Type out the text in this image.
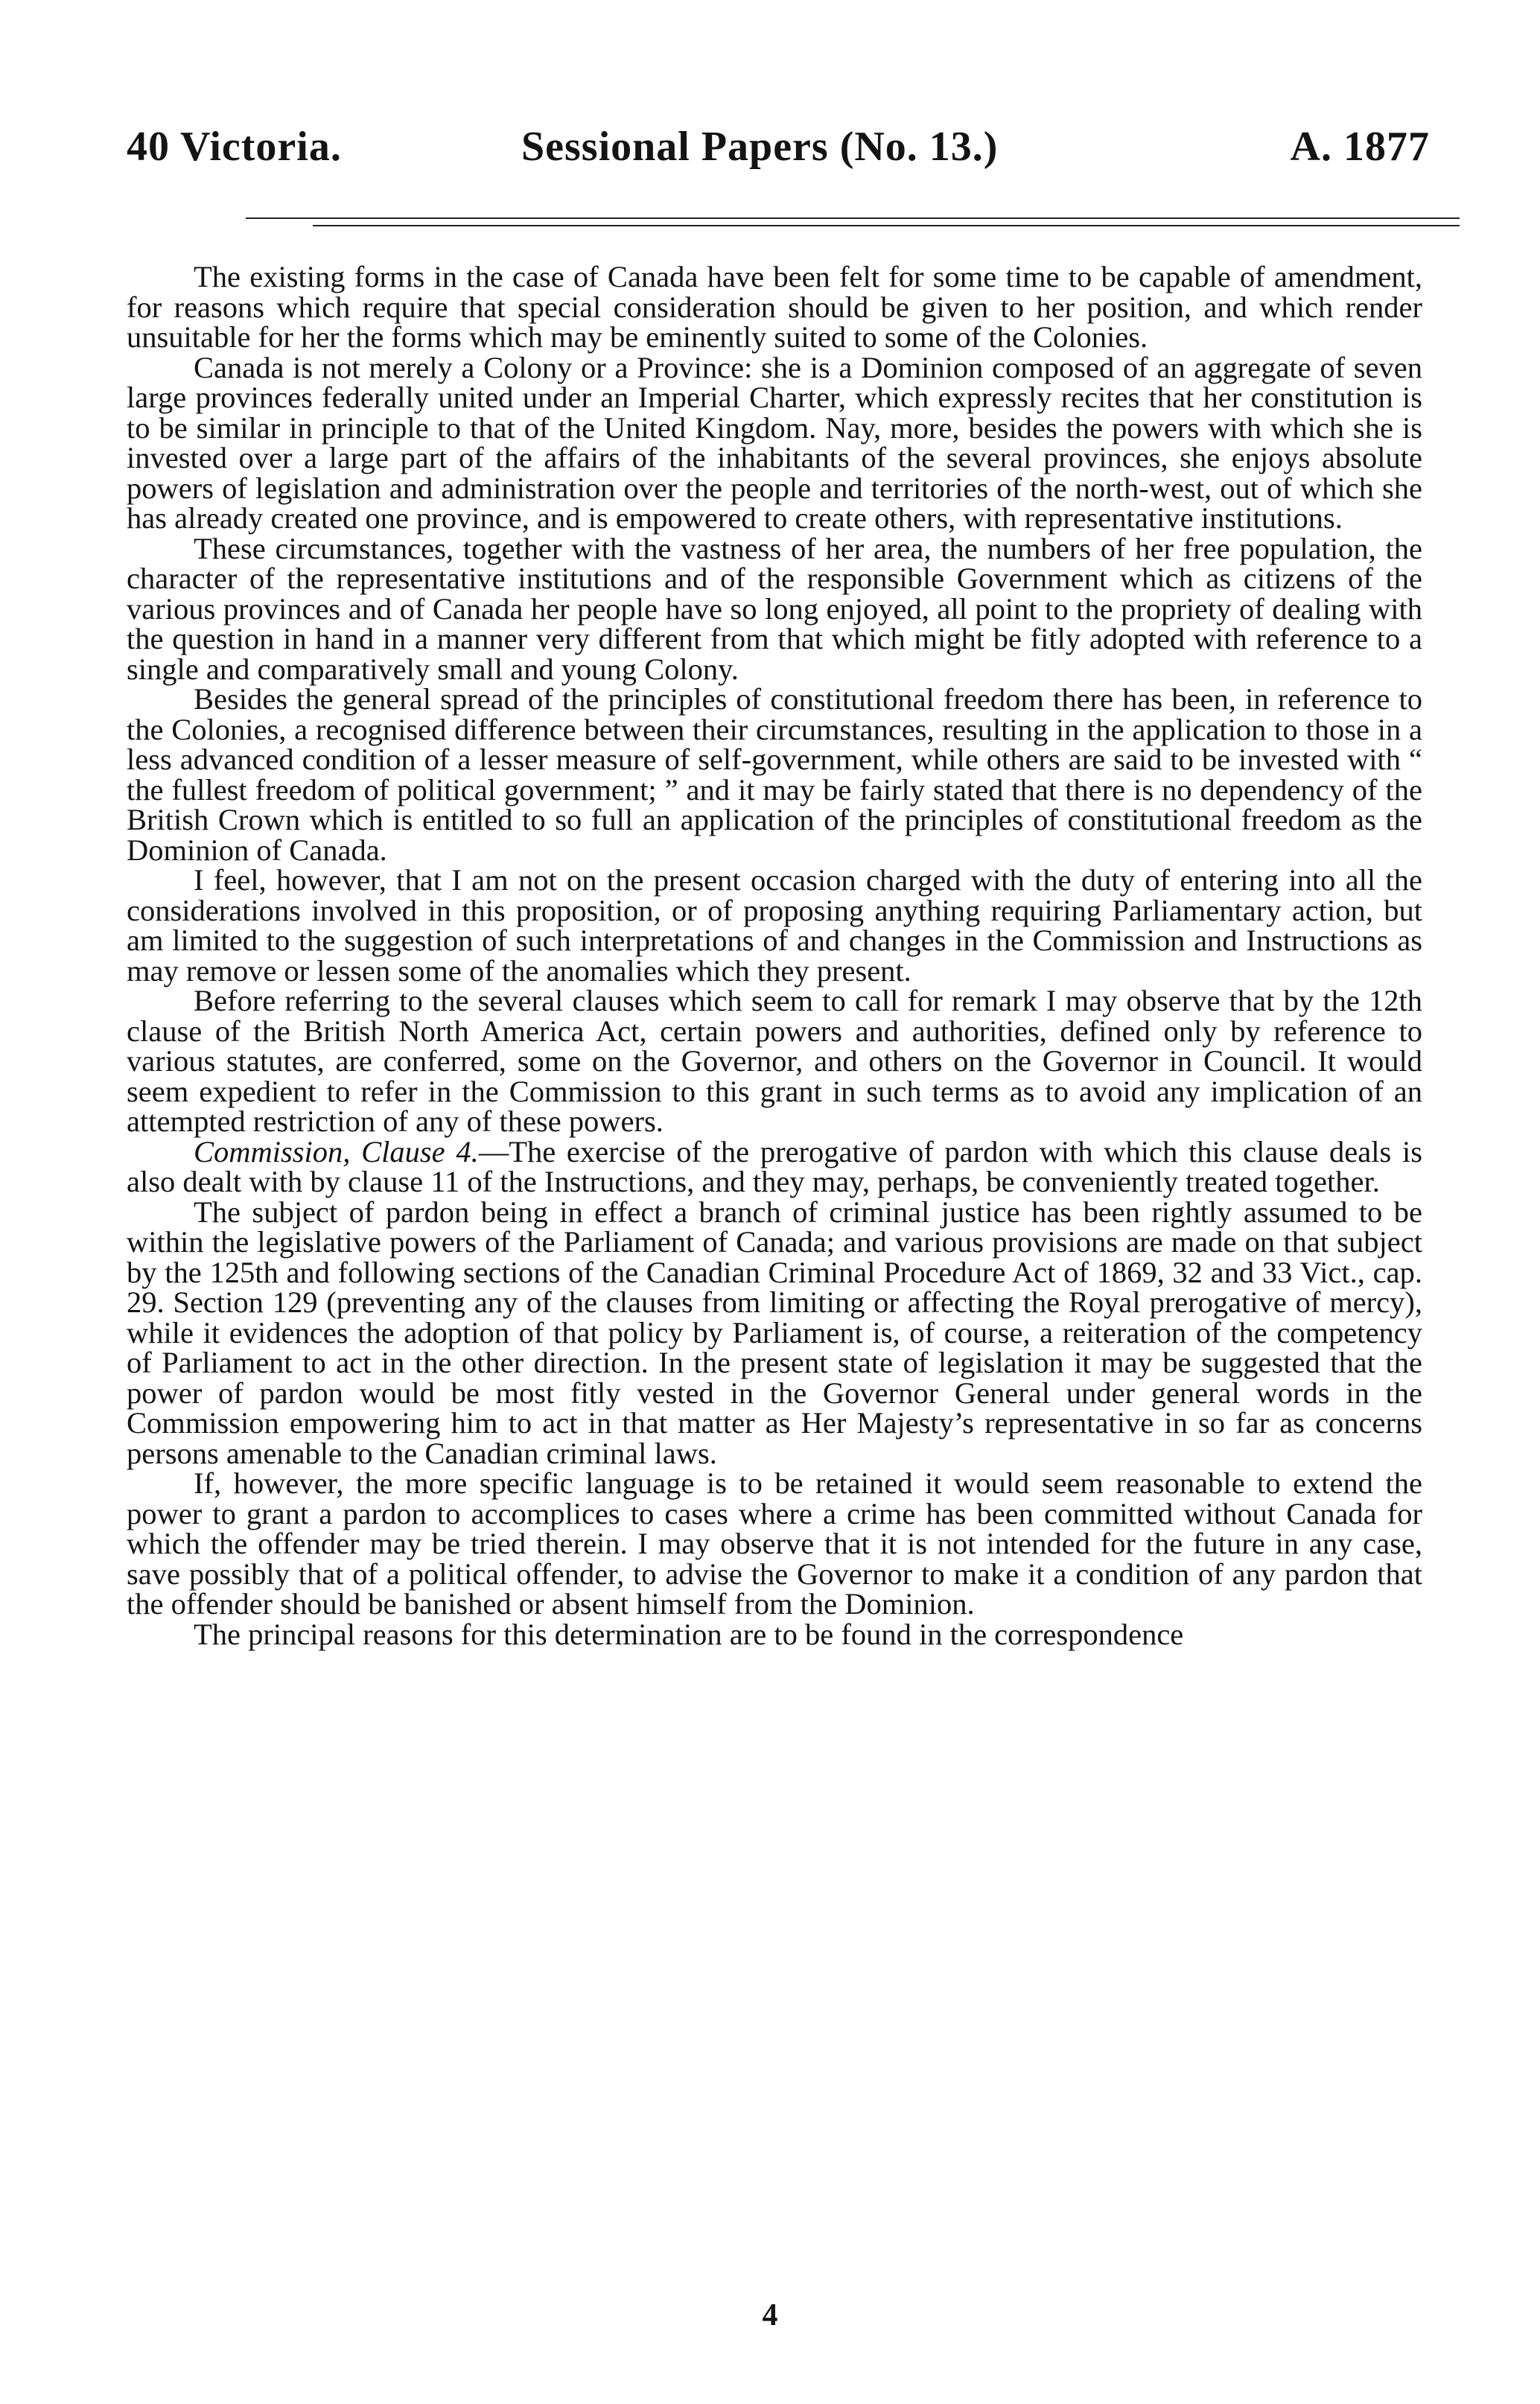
40 Victoria.	Sessional Papers (No. 13.)	A. 1877

The existing forms in the case of Canada have been felt for some time to be capable of amendment, for reasons which require that special consideration should be given to her position, and which render unsuitable for her the forms which may be eminently suited to some of the Colonies.

Canada is not merely a Colony or a Province: she is a Dominion composed of an aggregate of seven large provinces federally united under an Imperial Charter, which expressly recites that her constitution is to be similar in principle to that of the United Kingdom. Nay, more, besides the powers with which she is invested over a large part of the affairs of the inhabitants of the several provinces, she enjoys absolute powers of legislation and administration over the people and territories of the north-west, out of which she has already created one province, and is empowered to create others, with representative institutions.

These circumstances, together with the vastness of her area, the numbers of her free population, the character of the representative institutions and of the responsible Government which as citizens of the various provinces and of Canada her people have so long enjoyed, all point to the propriety of dealing with the question in hand in a manner very different from that which might be fitly adopted with reference to a single and comparatively small and young Colony.

Besides the general spread of the principles of constitutional freedom there has been, in reference to the Colonies, a recognised difference between their circumstances, resulting in the application to those in a less advanced condition of a lesser measure of self-government, while others are said to be invested with “ the fullest freedom of political government; ” and it may be fairly stated that there is no dependency of the British Crown which is entitled to so full an application of the principles of constitutional freedom as the Dominion of Canada.

I feel, however, that I am not on the present occasion charged with the duty of entering into all the considerations involved in this proposition, or of proposing anything requiring Parliamentary action, but am limited to the suggestion of such interpretations of and changes in the Commission and Instructions as may remove or lessen some of the anomalies which they present.

Before referring to the several clauses which seem to call for remark I may observe that by the 12th clause of the British North America Act, certain powers and authorities, defined only by reference to various statutes, are conferred, some on the Governor, and others on the Governor in Council. It would seem expedient to refer in the Commission to this grant in such terms as to avoid any implication of an attempted restriction of any of these powers.

Commission, Clause 4.—The exercise of the prerogative of pardon with which this clause deals is also dealt with by clause 11 of the Instructions, and they may, perhaps, be conveniently treated together.

The subject of pardon being in effect a branch of criminal justice has been rightly assumed to be within the legislative powers of the Parliament of Canada; and various provisions are made on that subject by the 125th and following sections of the Canadian Criminal Procedure Act of 1869, 32 and 33 Vict., cap. 29. Section 129 (preventing any of the clauses from limiting or affecting the Royal prerogative of mercy), while it evidences the adoption of that policy by Parliament is, of course, a reiteration of the competency of Parliament to act in the other direction. In the present state of legislation it may be suggested that the power of pardon would be most fitly vested in the Governor General under general words in the Commission empowering him to act in that matter as Her Majesty’s representative in so far as concerns persons amenable to the Canadian criminal laws.

If, however, the more specific language is to be retained it would seem reasonable to extend the power to grant a pardon to accomplices to cases where a crime has been committed without Canada for which the offender may be tried therein. I may observe that it is not intended for the future in any case, save possibly that of a political offender, to advise the Governor to make it a condition of any pardon that the offender should be banished or absent himself from the Dominion.

The principal reasons for this determination are to be found in the correspondence

4
